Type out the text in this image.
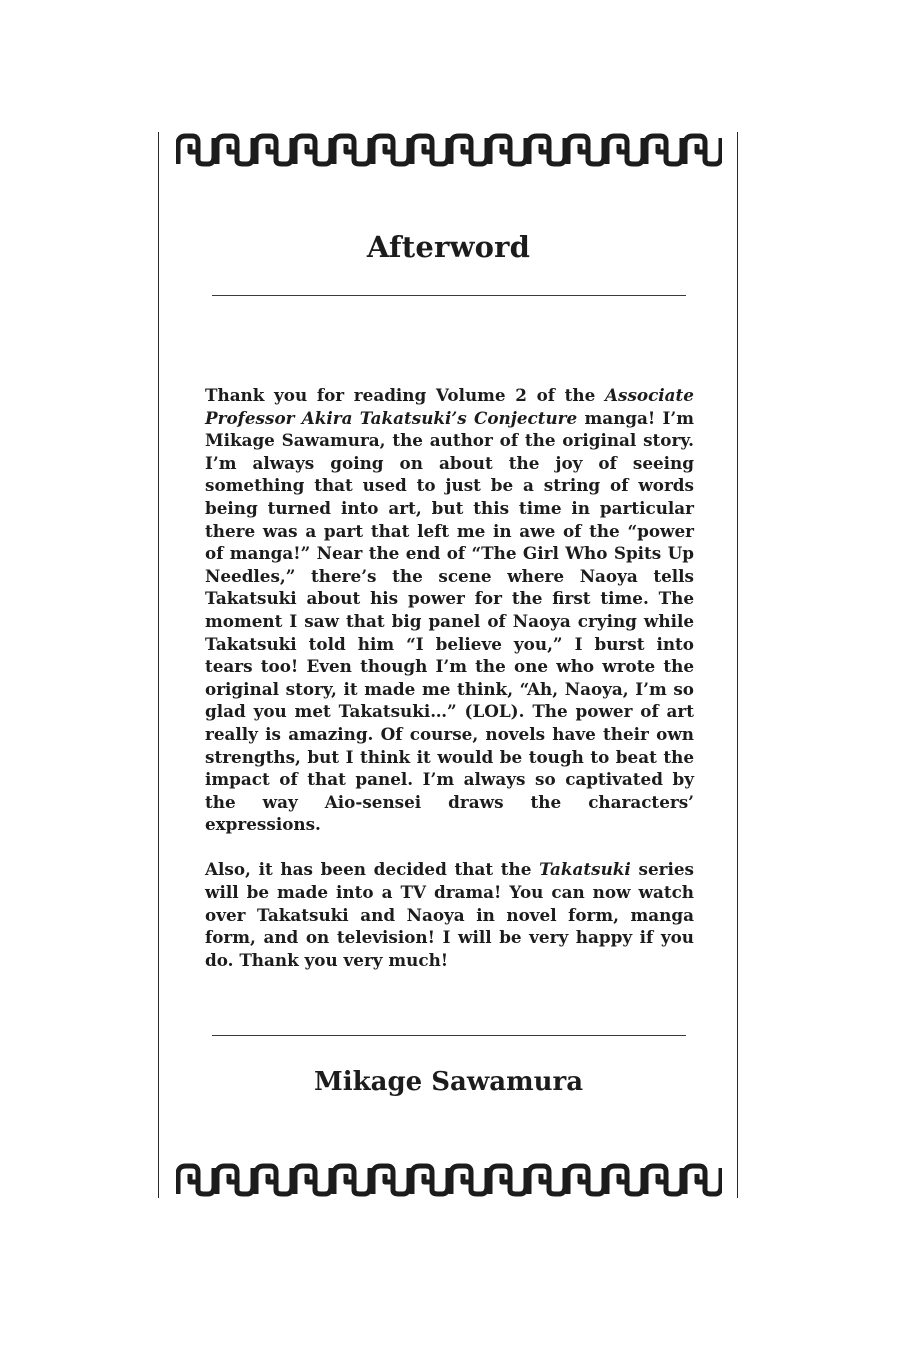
Afterword

Thank you for reading Volume 2 of the Associate Professor Akira Takatsuki’s Conjecture manga! I’m Mikage Sawamura, the author of the original story. I’m always going on about the joy of seeing something that used to just be a string of words being turned into art, but this time in particular there was a part that left me in awe of the “power of manga!” Near the end of “The Girl Who Spits Up Needles,” there’s the scene where Naoya tells Takatsuki about his power for the first time. The moment I saw that big panel of Naoya crying while Takatsuki told him “I believe you,” I burst into tears too! Even though I’m the one who wrote the original story, it made me think, “Ah, Naoya, I’m so glad you met Takatsuki…” (LOL). The power of art really is amazing. Of course, novels have their own strengths, but I think it would be tough to beat the impact of that panel. I’m always so captivated by the way Aio-sensei draws the characters’ expressions.

Also, it has been decided that the Takatsuki series will be made into a TV drama! You can now watch over Takatsuki and Naoya in novel form, manga form, and on television! I will be very happy if you do. Thank you very much!

Mikage Sawamura
